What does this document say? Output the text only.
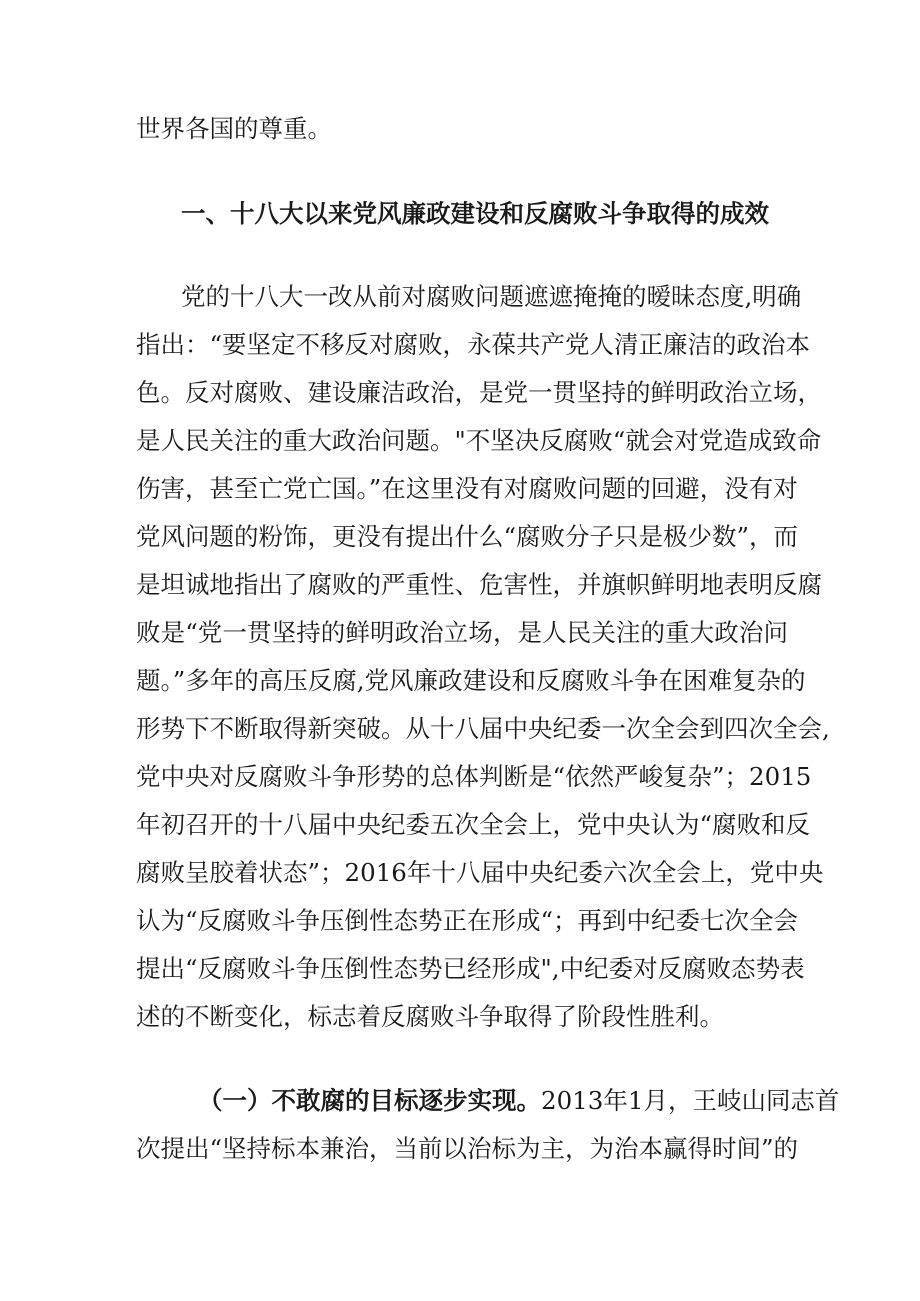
世界各国的尊重。
一、十八大以来党风廉政建设和反腐败斗争取得的成效
党的十八大一改从前对腐败问题遮遮掩掩的暧昧态度,明确
指出：“要坚定不移反对腐败，永葆共产党人清正廉洁的政治本
色。反对腐败、建设廉洁政治，是党一贯坚持的鲜明政治立场，
是人民关注的重大政治问题。"不坚决反腐败“就会对党造成致命
伤害，甚至亡党亡国。”在这里没有对腐败问题的回避，没有对
党风问题的粉饰，更没有提出什么“腐败分子只是极少数”，而
是坦诚地指出了腐败的严重性、危害性，并旗帜鲜明地表明反腐
败是“党一贯坚持的鲜明政治立场，是人民关注的重大政治问
题。”多年的高压反腐,党风廉政建设和反腐败斗争在困难复杂的
形势下不断取得新突破。从十八届中央纪委一次全会到四次全会,
党中央对反腐败斗争形势的总体判断是“依然严峻复杂”；2015
年初召开的十八届中央纪委五次全会上，党中央认为“腐败和反
腐败呈胶着状态”；2016年十八届中央纪委六次全会上，党中央
认为“反腐败斗争压倒性态势正在形成“；再到中纪委七次全会
提出“反腐败斗争压倒性态势已经形成",中纪委对反腐败态势表
述的不断变化，标志着反腐败斗争取得了阶段性胜利。
（一）不敢腐的目标逐步实现。2013年1月，王岐山同志首
次提出“坚持标本兼治，当前以治标为主，为治本赢得时间”的
